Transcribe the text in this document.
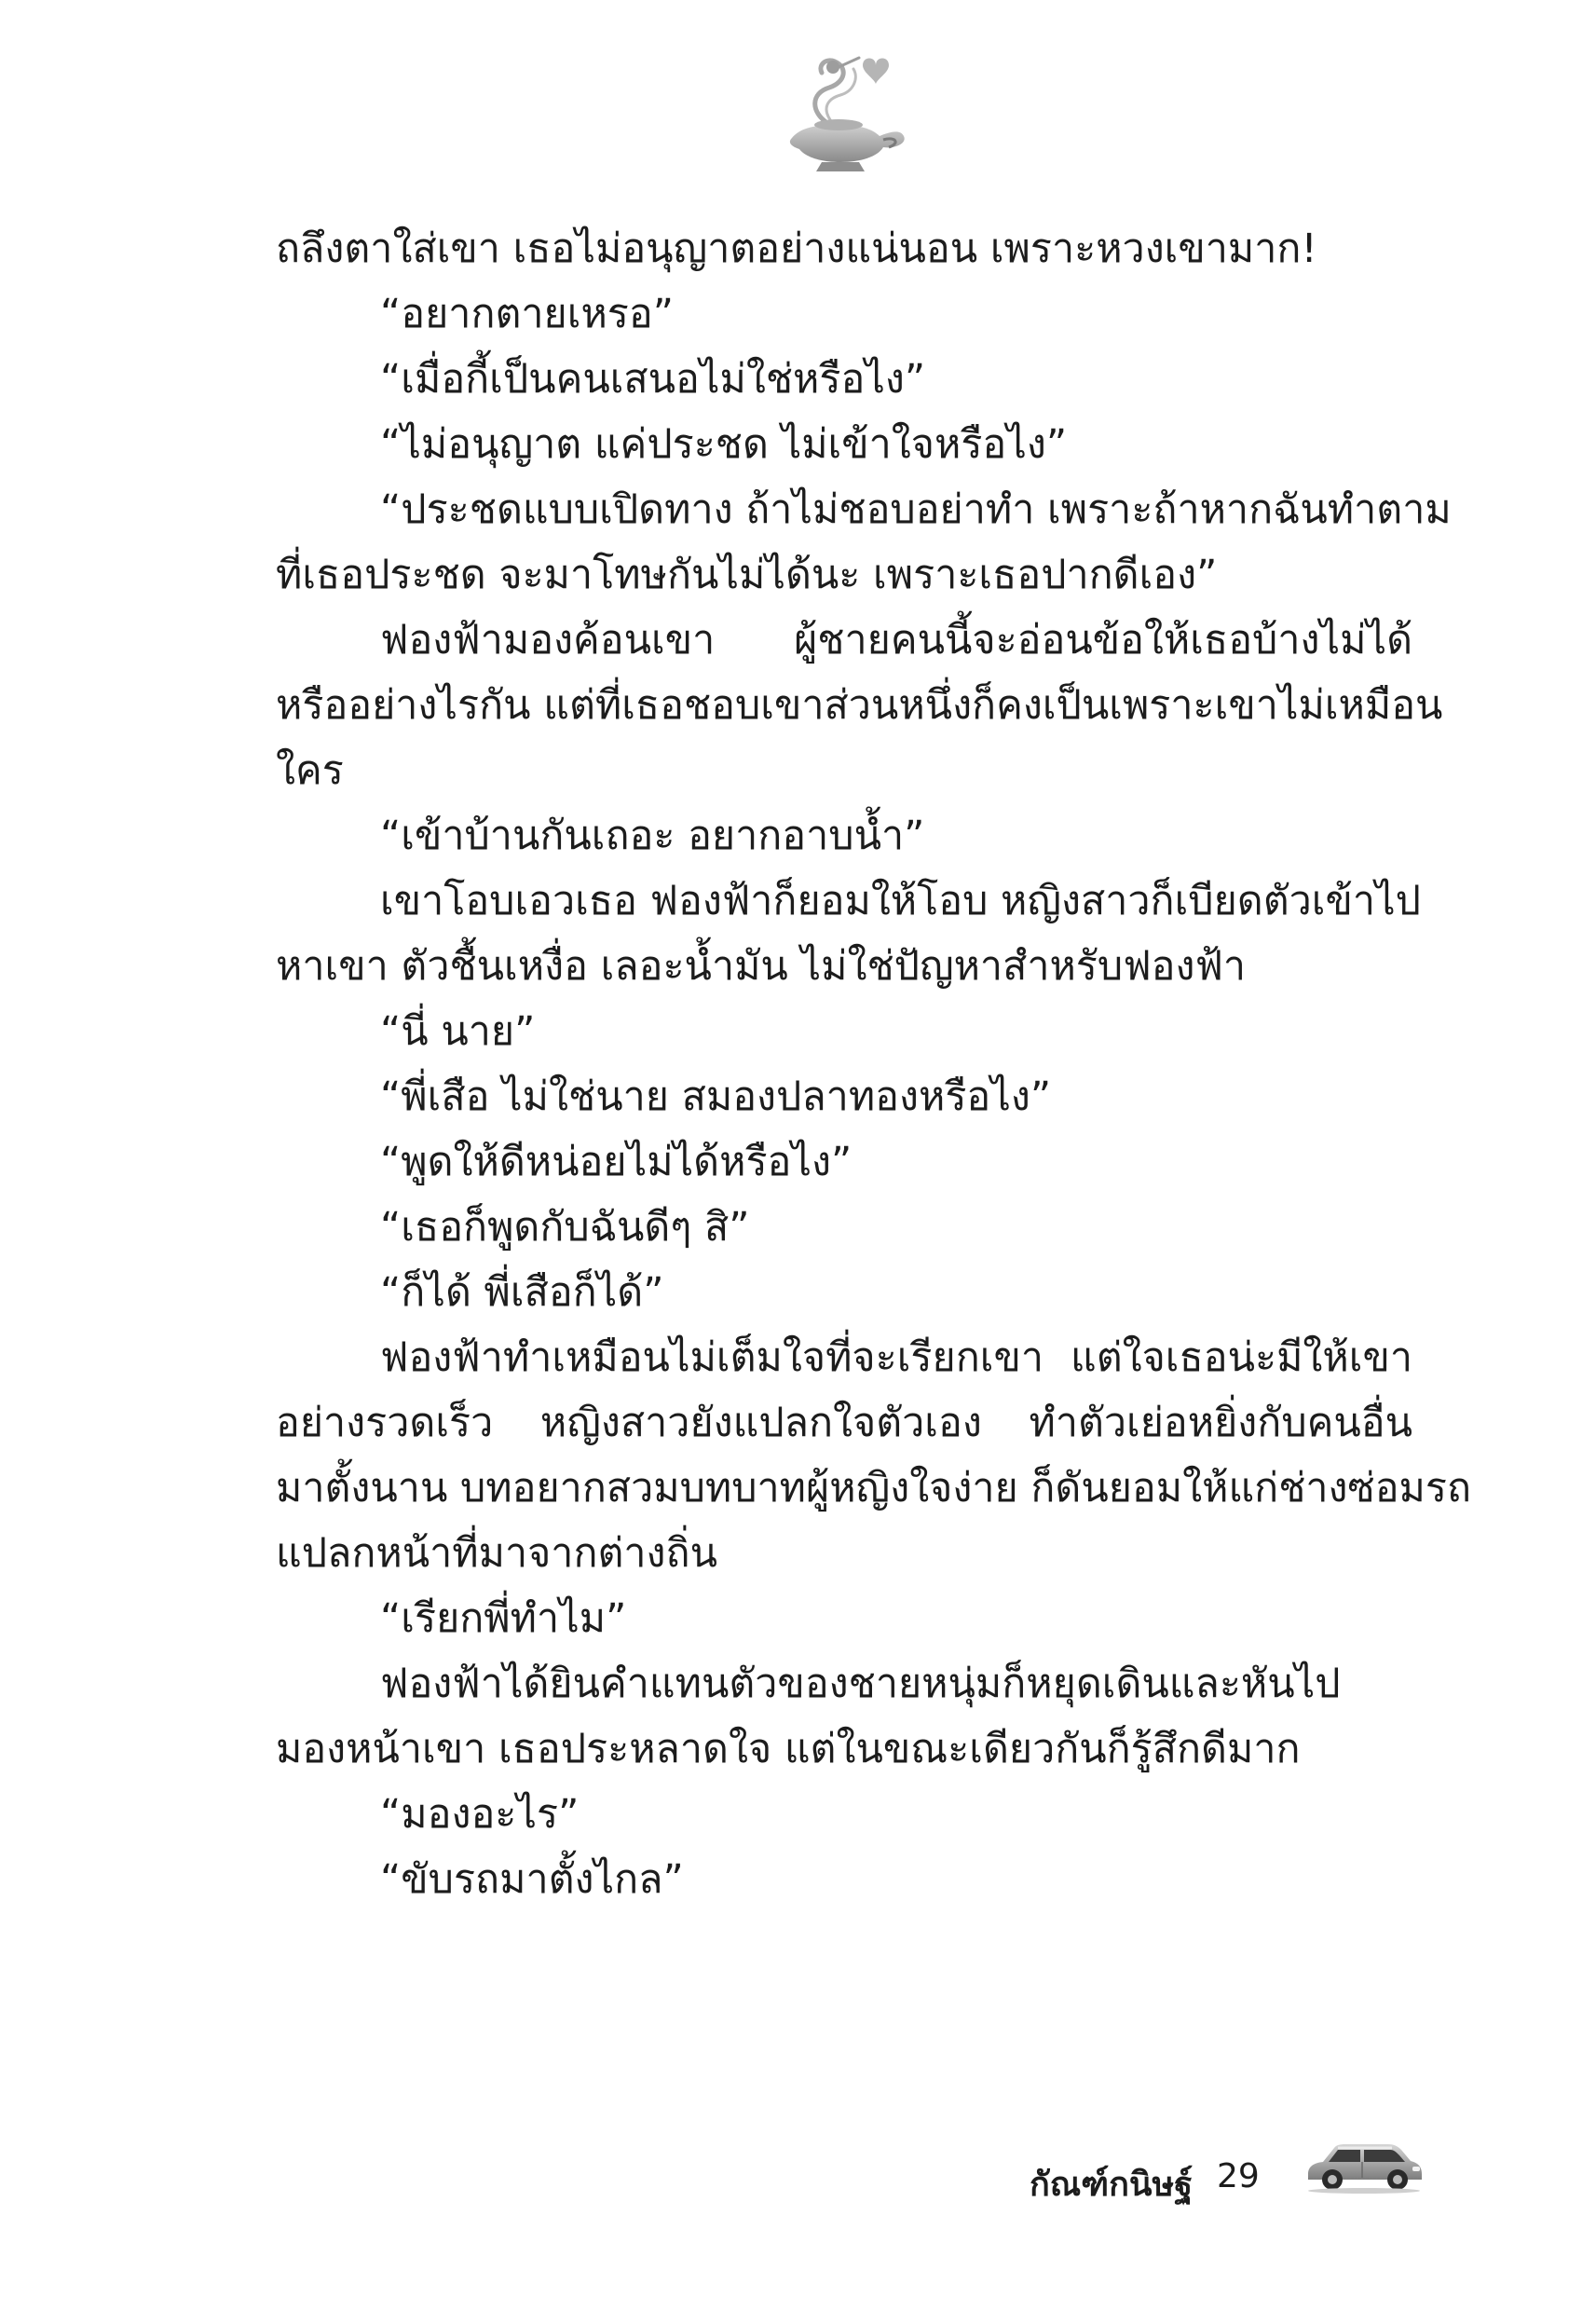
ถลึงตาใส่เขา เธอไม่อนุญาตอย่างแน่นอน เพราะหวงเขามาก!
“อยากตายเหรอ”
“เมื่อกี้เป็นคนเสนอไม่ใช่หรือไง”
“ไม่อนุญาต แค่ประชด ไม่เข้าใจหรือไง”
“ประชดแบบเปิดทาง ถ้าไม่ชอบอย่าทำ เพราะถ้าหากฉันทำตาม
ที่เธอประชด จะมาโทษกันไม่ได้นะ เพราะเธอปากดีเอง”
ฟองฟ้ามองค้อนเขา ผู้ชายคนนี้จะอ่อนข้อให้เธอบ้างไม่ได้
หรืออย่างไรกัน แต่ที่เธอชอบเขาส่วนหนึ่งก็คงเป็นเพราะเขาไม่เหมือน
ใคร
“เข้าบ้านกันเถอะ อยากอาบน้ำ”
เขาโอบเอวเธอ ฟองฟ้าก็ยอมให้โอบ หญิงสาวก็เบียดตัวเข้าไป
หาเขา ตัวชื้นเหงื่อ เลอะน้ำมัน ไม่ใช่ปัญหาสำหรับฟองฟ้า
“นี่ นาย”
“พี่เสือ ไม่ใช่นาย สมองปลาทองหรือไง”
“พูดให้ดีหน่อยไม่ได้หรือไง”
“เธอก็พูดกับฉันดีๆ สิ”
“ก็ได้ พี่เสือก็ได้”
ฟองฟ้าทำเหมือนไม่เต็มใจที่จะเรียกเขา แต่ใจเธอน่ะมีให้เขา
อย่างรวดเร็ว หญิงสาวยังแปลกใจตัวเอง ทำตัวเย่อหยิ่งกับคนอื่น
มาตั้งนาน บทอยากสวมบทบาทผู้หญิงใจง่าย ก็ดันยอมให้แก่ช่างซ่อมรถ
แปลกหน้าที่มาจากต่างถิ่น
“เรียกพี่ทำไม”
ฟองฟ้าได้ยินคำแทนตัวของชายหนุ่มก็หยุดเดินและหันไป
มองหน้าเขา เธอประหลาดใจ แต่ในขณะเดียวกันก็รู้สึกดีมาก
“มองอะไร”
“ขับรถมาตั้งไกล”
กัณฑ์กนิษฐ์ 29
